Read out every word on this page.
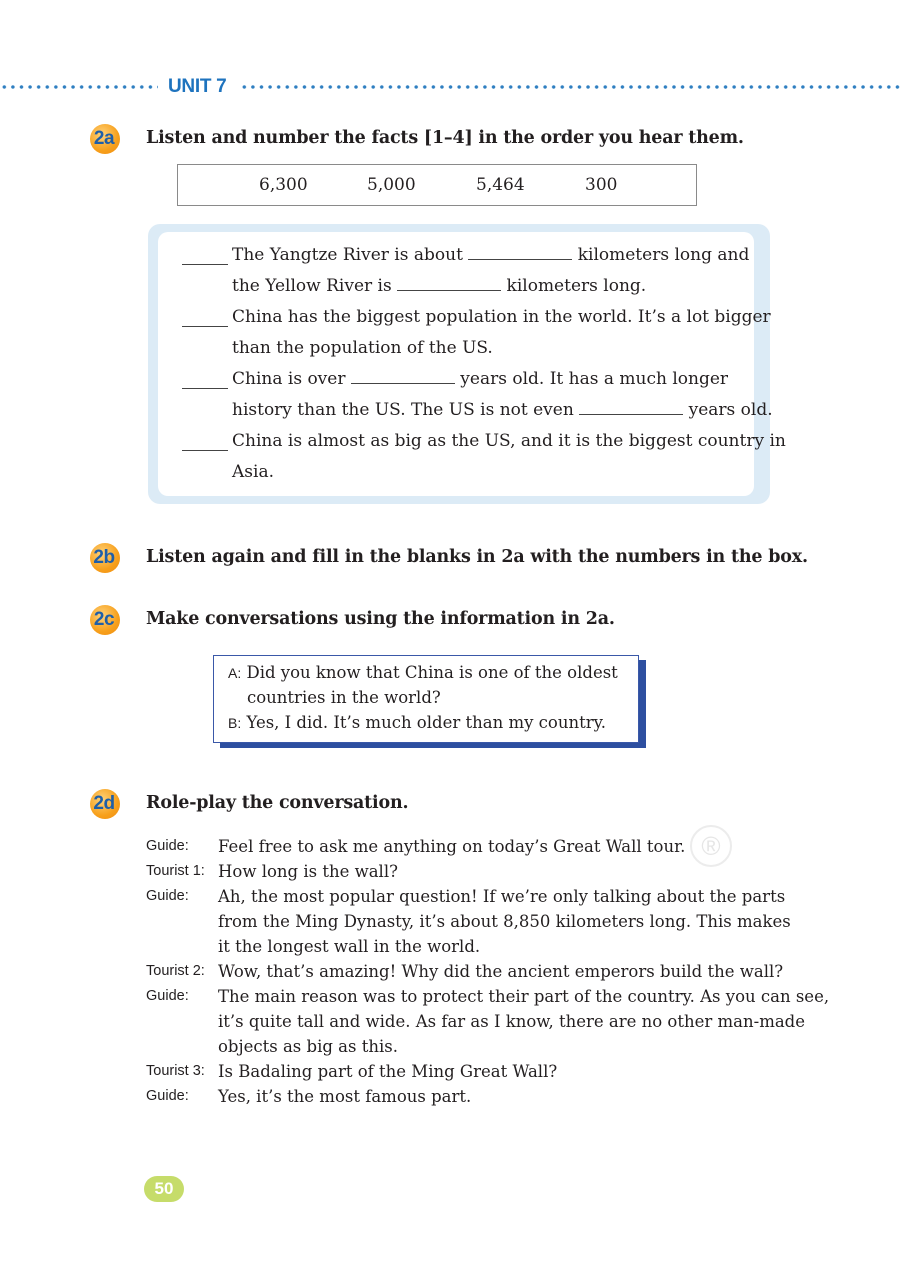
UNIT 7
2a	Listen and number the facts [1–4] in the order you hear them.
6,300	5,000	5,464	300
The Yangtze River is about	kilometers long and
the Yellow River is	kilometers long.
China has the biggest population in the world. It’s a lot bigger
than the population of the US.
China is over	years old. It has a much longer
history than the US. The US is not even	years old.
China is almost as big as the US, and it is the biggest country in
Asia.
2b	Listen again and fill in the blanks in 2a with the numbers in the box.
2c	Make conversations using the information in 2a.
A: Did you know that China is one of the oldest
countries in the world?
B: Yes, I did. It’s much older than my country.
2d	Role-play the conversation.
®
Guide: Feel free to ask me anything on today’s Great Wall tour.
Tourist 1: How long is the wall?
Guide: Ah, the most popular question! If we’re only talking about the parts
from the Ming Dynasty, it’s about 8,850 kilometers long. This makes
it the longest wall in the world.
Tourist 2: Wow, that’s amazing! Why did the ancient emperors build the wall?
Guide: The main reason was to protect their part of the country. As you can see,
it’s quite tall and wide. As far as I know, there are no other man-made
objects as big as this.
Tourist 3: Is Badaling part of the Ming Great Wall?
Guide: Yes, it’s the most famous part.
50
